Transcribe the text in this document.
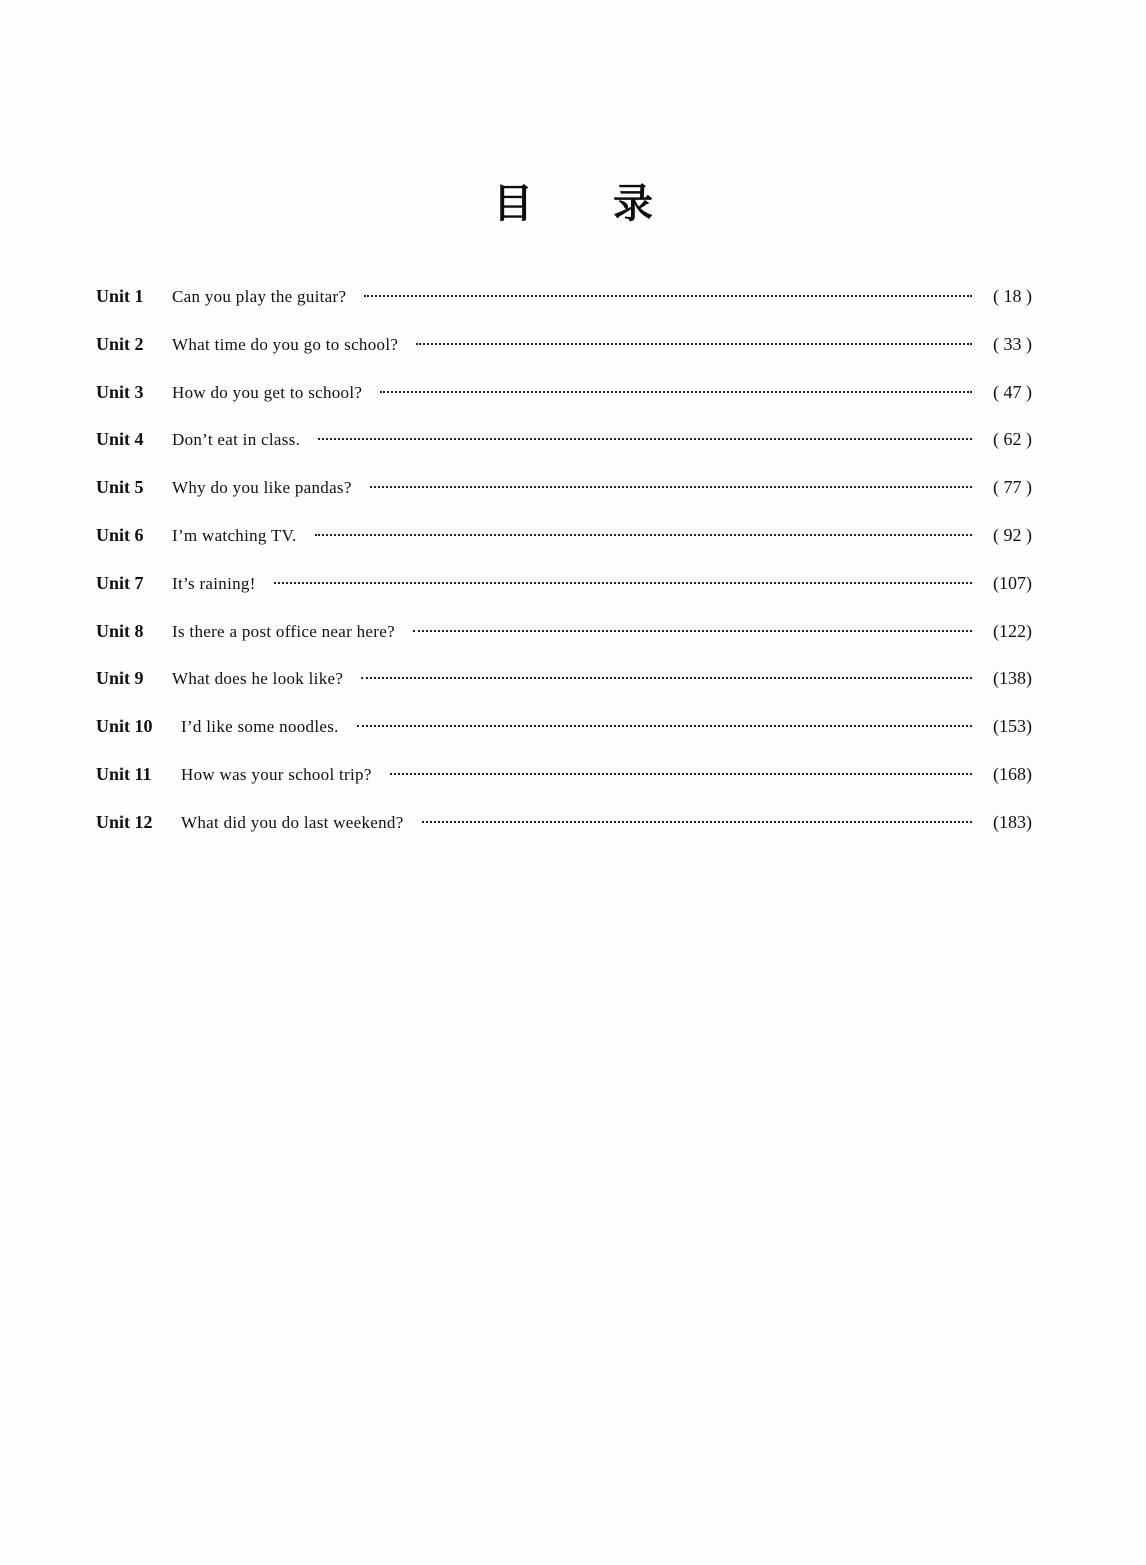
目 录
Unit 1	Can you play the guitar?	( 18 )
Unit 2	What time do you go to school?	( 33 )
Unit 3	How do you get to school?	( 47 )
Unit 4	Don’t eat in class.	( 62 )
Unit 5	Why do you like pandas?	( 77 )
Unit 6	I’m watching TV.	( 92 )
Unit 7	It’s raining!	(107)
Unit 8	Is there a post office near here?	(122)
Unit 9	What does he look like?	(138)
Unit 10	I’d like some noodles.	(153)
Unit 11	How was your school trip?	(168)
Unit 12	What did you do last weekend?	(183)
